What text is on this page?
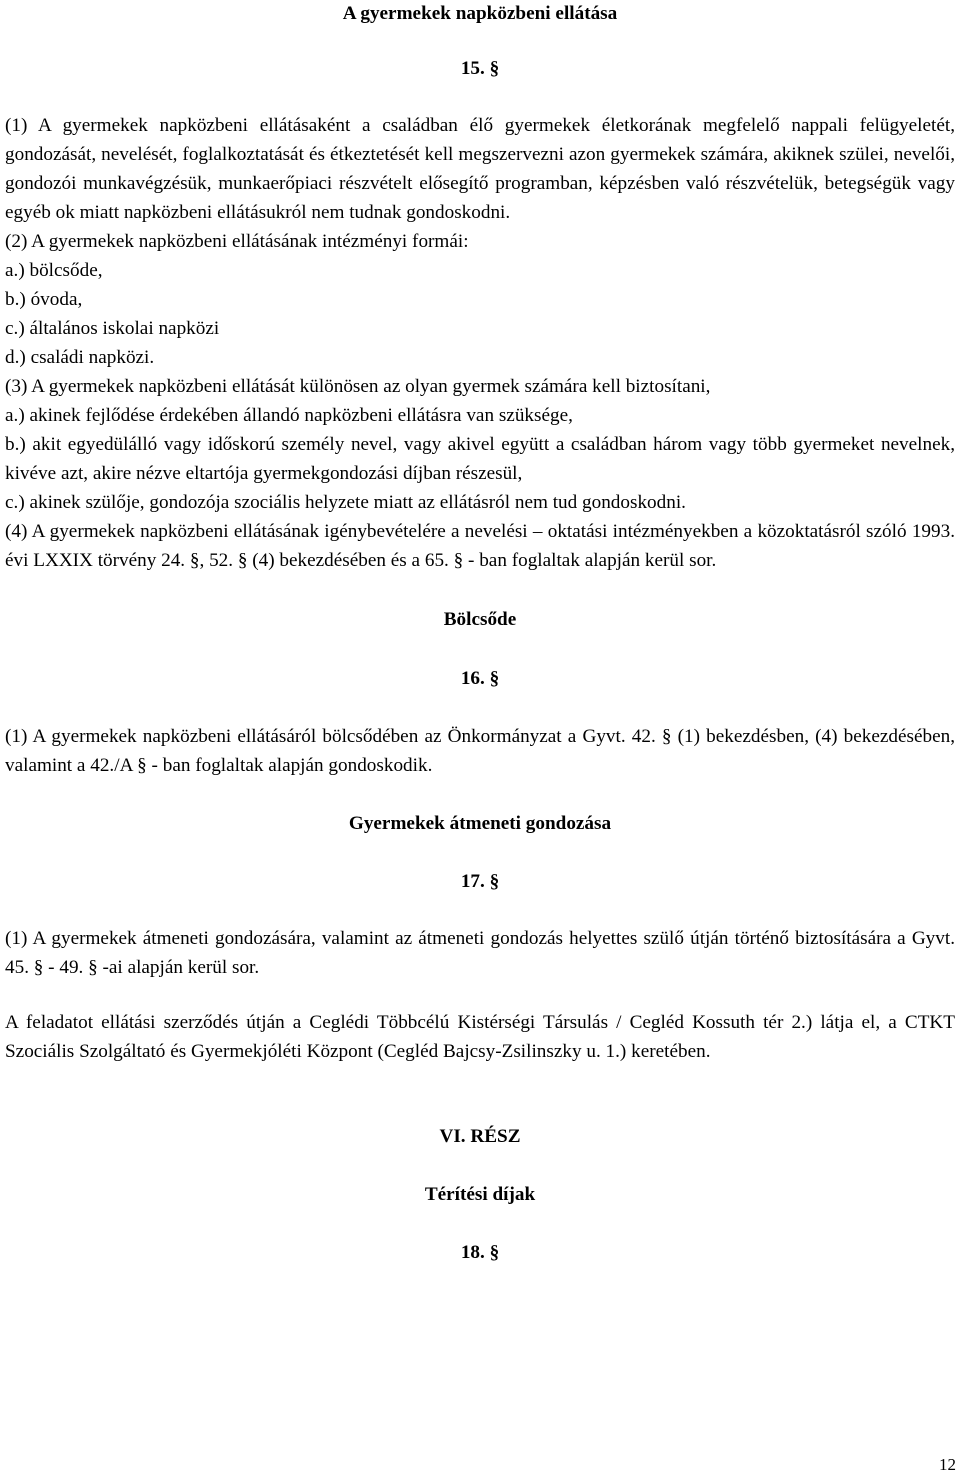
A gyermekek napközbeni ellátása

15. §

(1) A gyermekek napközbeni ellátásaként a családban élő gyermekek életkorának megfelelő nappali felügyeletét, gondozását, nevelését, foglalkoztatását és étkeztetését kell megszervezni azon gyermekek számára, akiknek szülei, nevelői, gondozói munkavégzésük, munkaerőpiaci részvételt elősegítő programban, képzésben való részvételük, betegségük vagy egyéb ok miatt napközbeni ellátásukról nem tudnak gondoskodni.

(2) A gyermekek napközbeni ellátásának intézményi formái:

a.) bölcsőde,

b.) óvoda,

c.) általános iskolai napközi

d.) családi napközi.

(3) A gyermekek napközbeni ellátását különösen az olyan gyermek számára kell biztosítani,

a.) akinek fejlődése érdekében állandó napközbeni ellátásra van szüksége,

b.) akit egyedülálló vagy időskorú személy nevel, vagy akivel együtt a családban három vagy több gyermeket nevelnek, kivéve azt, akire nézve eltartója gyermekgondozási díjban részesül,

c.) akinek szülője, gondozója szociális helyzete miatt az ellátásról nem tud gondoskodni.

(4) A gyermekek napközbeni ellátásának igénybevételére a nevelési – oktatási intézményekben a közoktatásról szóló 1993. évi LXXIX törvény 24. §, 52. § (4) bekezdésében és a 65. § - ban foglaltak alapján kerül sor.

Bölcsőde

16. §

(1) A gyermekek napközbeni ellátásáról bölcsődében az Önkormányzat a Gyvt. 42. § (1) bekezdésben, (4) bekezdésében, valamint a 42./A § - ban foglaltak alapján gondoskodik.

Gyermekek átmeneti gondozása

17. §

(1) A gyermekek átmeneti gondozására, valamint az átmeneti gondozás helyettes szülő útján történő biztosítására a Gyvt. 45. § - 49. § -ai alapján kerül sor.

A feladatot ellátási szerződés útján a Ceglédi Többcélú Kistérségi Társulás / Cegléd Kossuth tér 2.) látja el, a CTKT Szociális Szolgáltató és Gyermekjóléti Központ (Cegléd Bajcsy-Zsilinszky u. 1.) keretében.

VI. RÉSZ

Térítési díjak

18. §

12
